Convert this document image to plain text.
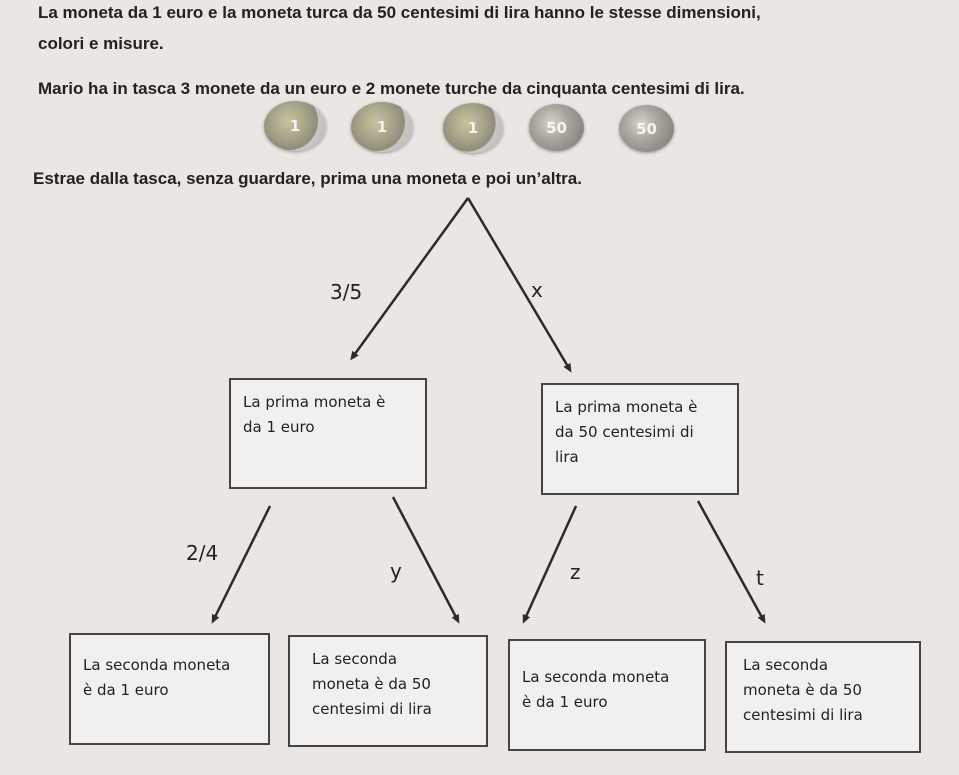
La moneta da 1 euro e la moneta turca da 50 centesimi di lira hanno le stesse dimensioni,
colori e misure.
Mario ha in tasca 3 monete da un euro e 2 monete turche da cinquanta centesimi di lira.
1	1	1	50	50
Estrae dalla tasca, senza guardare, prima una moneta e poi un’altra.
3/5	x
La prima moneta è
da 1 euro
La prima moneta è
da 50 centesimi di
lira
2/4
y	z	t
La seconda moneta
è da 1 euro
La seconda
moneta è da 50
centesimi di lira
La seconda moneta
è da 1 euro
La seconda
moneta è da 50
centesimi di lira
